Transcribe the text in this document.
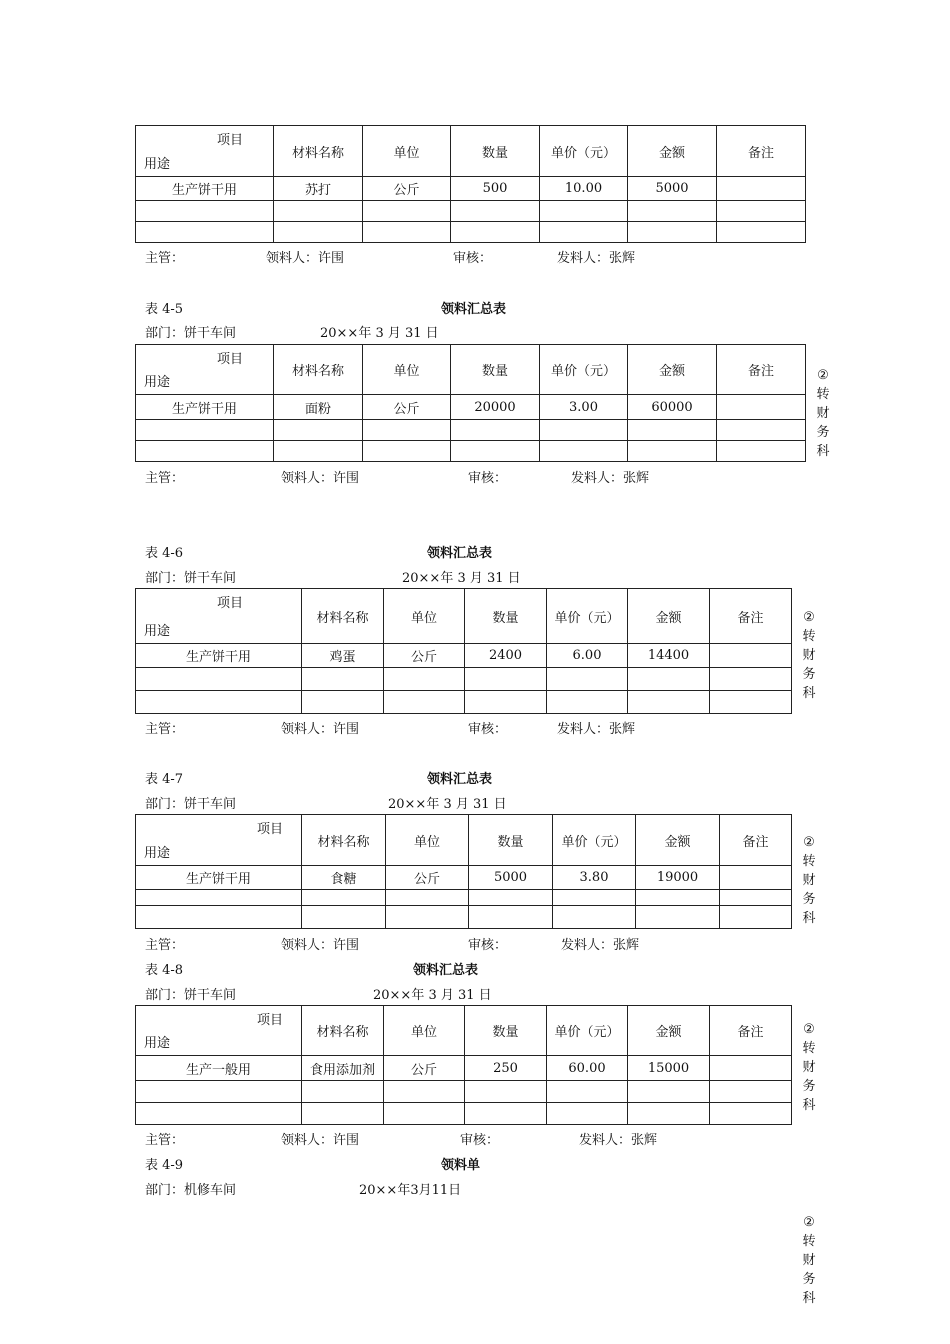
项目
用途	材料名称	单位	数量	单价（元）	金额	备注
生产饼干用	苏打	公斤	500	10.00	5000	

主管：	领料人：许围	审核：	发料人：张辉
表 4-5	领料汇总表
部门：饼干车间	20××年 3 月 31 日
项目
用途	材料名称	单位	数量	单价（元）	金额	备注
生产饼干用	面粉	公斤	20000	3.00	60000	

②
转
财
务
科
主管：	领料人：许围	审核：	发料人：张辉
表 4-6	领料汇总表
部门：饼干车间	20××年 3 月 31 日
项目
用途	材料名称	单位	数量	单价（元）	金额	备注
生产饼干用	鸡蛋	公斤	2400	6.00	14400	

②
转
财
务
科
主管：	领料人：许围	审核：	发料人：张辉
表 4-7	领料汇总表
部门：饼干车间	20××年 3 月 31 日
项目
用途	材料名称	单位	数量	单价（元）	金额	备注
生产饼干用	食糖	公斤	5000	3.80	19000	

②
转
财
务
科
主管：	领料人：许围	审核：	发料人：张辉
表 4-8	领料汇总表
部门：饼干车间	20××年 3 月 31 日
项目
用途	材料名称	单位	数量	单价（元）	金额	备注
生产一般用	食用添加剂	公斤	250	60.00	15000	

②
转
财
务
科
主管：	领料人：许围	审核：	发料人：张辉
表 4-9	领料单
部门：机修车间	20××年3月11日
②
转
财
务
科
